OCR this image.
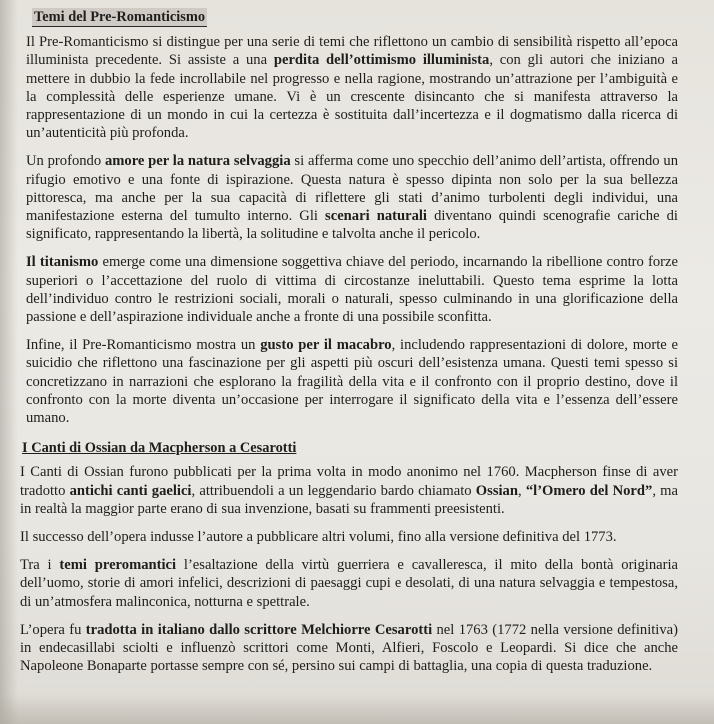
Temi del Pre-Romanticismo

Il Pre-Romanticismo si distingue per una serie di temi che riflettono un cambio di sensibilità rispetto all’epoca illuminista precedente. Si assiste a una perdita dell’ottimismo illuminista, con gli autori che iniziano a mettere in dubbio la fede incrollabile nel progresso e nella ragione, mostrando un’attrazione per l’ambiguità e la complessità delle esperienze umane. Vi è un crescente disincanto che si manifesta attraverso la rappresentazione di un mondo in cui la certezza è sostituita dall’incertezza e il dogmatismo dalla ricerca di un’autenticità più profonda.

Un profondo amore per la natura selvaggia si afferma come uno specchio dell’animo dell’artista, offrendo un rifugio emotivo e una fonte di ispirazione. Questa natura è spesso dipinta non solo per la sua bellezza pittoresca, ma anche per la sua capacità di riflettere gli stati d’animo turbolenti degli individui, una manifestazione esterna del tumulto interno. Gli scenari naturali diventano quindi scenografie cariche di significato, rappresentando la libertà, la solitudine e talvolta anche il pericolo.

Il titanismo emerge come una dimensione soggettiva chiave del periodo, incarnando la ribellione contro forze superiori o l’accettazione del ruolo di vittima di circostanze ineluttabili. Questo tema esprime la lotta dell’individuo contro le restrizioni sociali, morali o naturali, spesso culminando in una glorificazione della passione e dell’aspirazione individuale anche a fronte di una possibile sconfitta.

Infine, il Pre-Romanticismo mostra un gusto per il macabro, includendo rappresentazioni di dolore, morte e suicidio che riflettono una fascinazione per gli aspetti più oscuri dell’esistenza umana. Questi temi spesso si concretizzano in narrazioni che esplorano la fragilità della vita e il confronto con il proprio destino, dove il confronto con la morte diventa un’occasione per interrogare il significato della vita e l’essenza dell’essere umano.

I Canti di Ossian da Macpherson a Cesarotti

I Canti di Ossian furono pubblicati per la prima volta in modo anonimo nel 1760. Macpherson finse di aver tradotto antichi canti gaelici, attribuendoli a un leggendario bardo chiamato Ossian, “l’Omero del Nord”, ma in realtà la maggior parte erano di sua invenzione, basati su frammenti preesistenti.

Il successo dell’opera indusse l’autore a pubblicare altri volumi, fino alla versione definitiva del 1773.

Tra i temi preromantici l’esaltazione della virtù guerriera e cavalleresca, il mito della bontà originaria dell’uomo, storie di amori infelici, descrizioni di paesaggi cupi e desolati, di una natura selvaggia e tempestosa, di un’atmosfera malinconica, notturna e spettrale.

L’opera fu tradotta in italiano dallo scrittore Melchiorre Cesarotti nel 1763 (1772 nella versione definitiva) in endecasillabi sciolti e influenzò scrittori come Monti, Alfieri, Foscolo e Leopardi. Si dice che anche Napoleone Bonaparte portasse sempre con sé, persino sui campi di battaglia, una copia di questa traduzione.
